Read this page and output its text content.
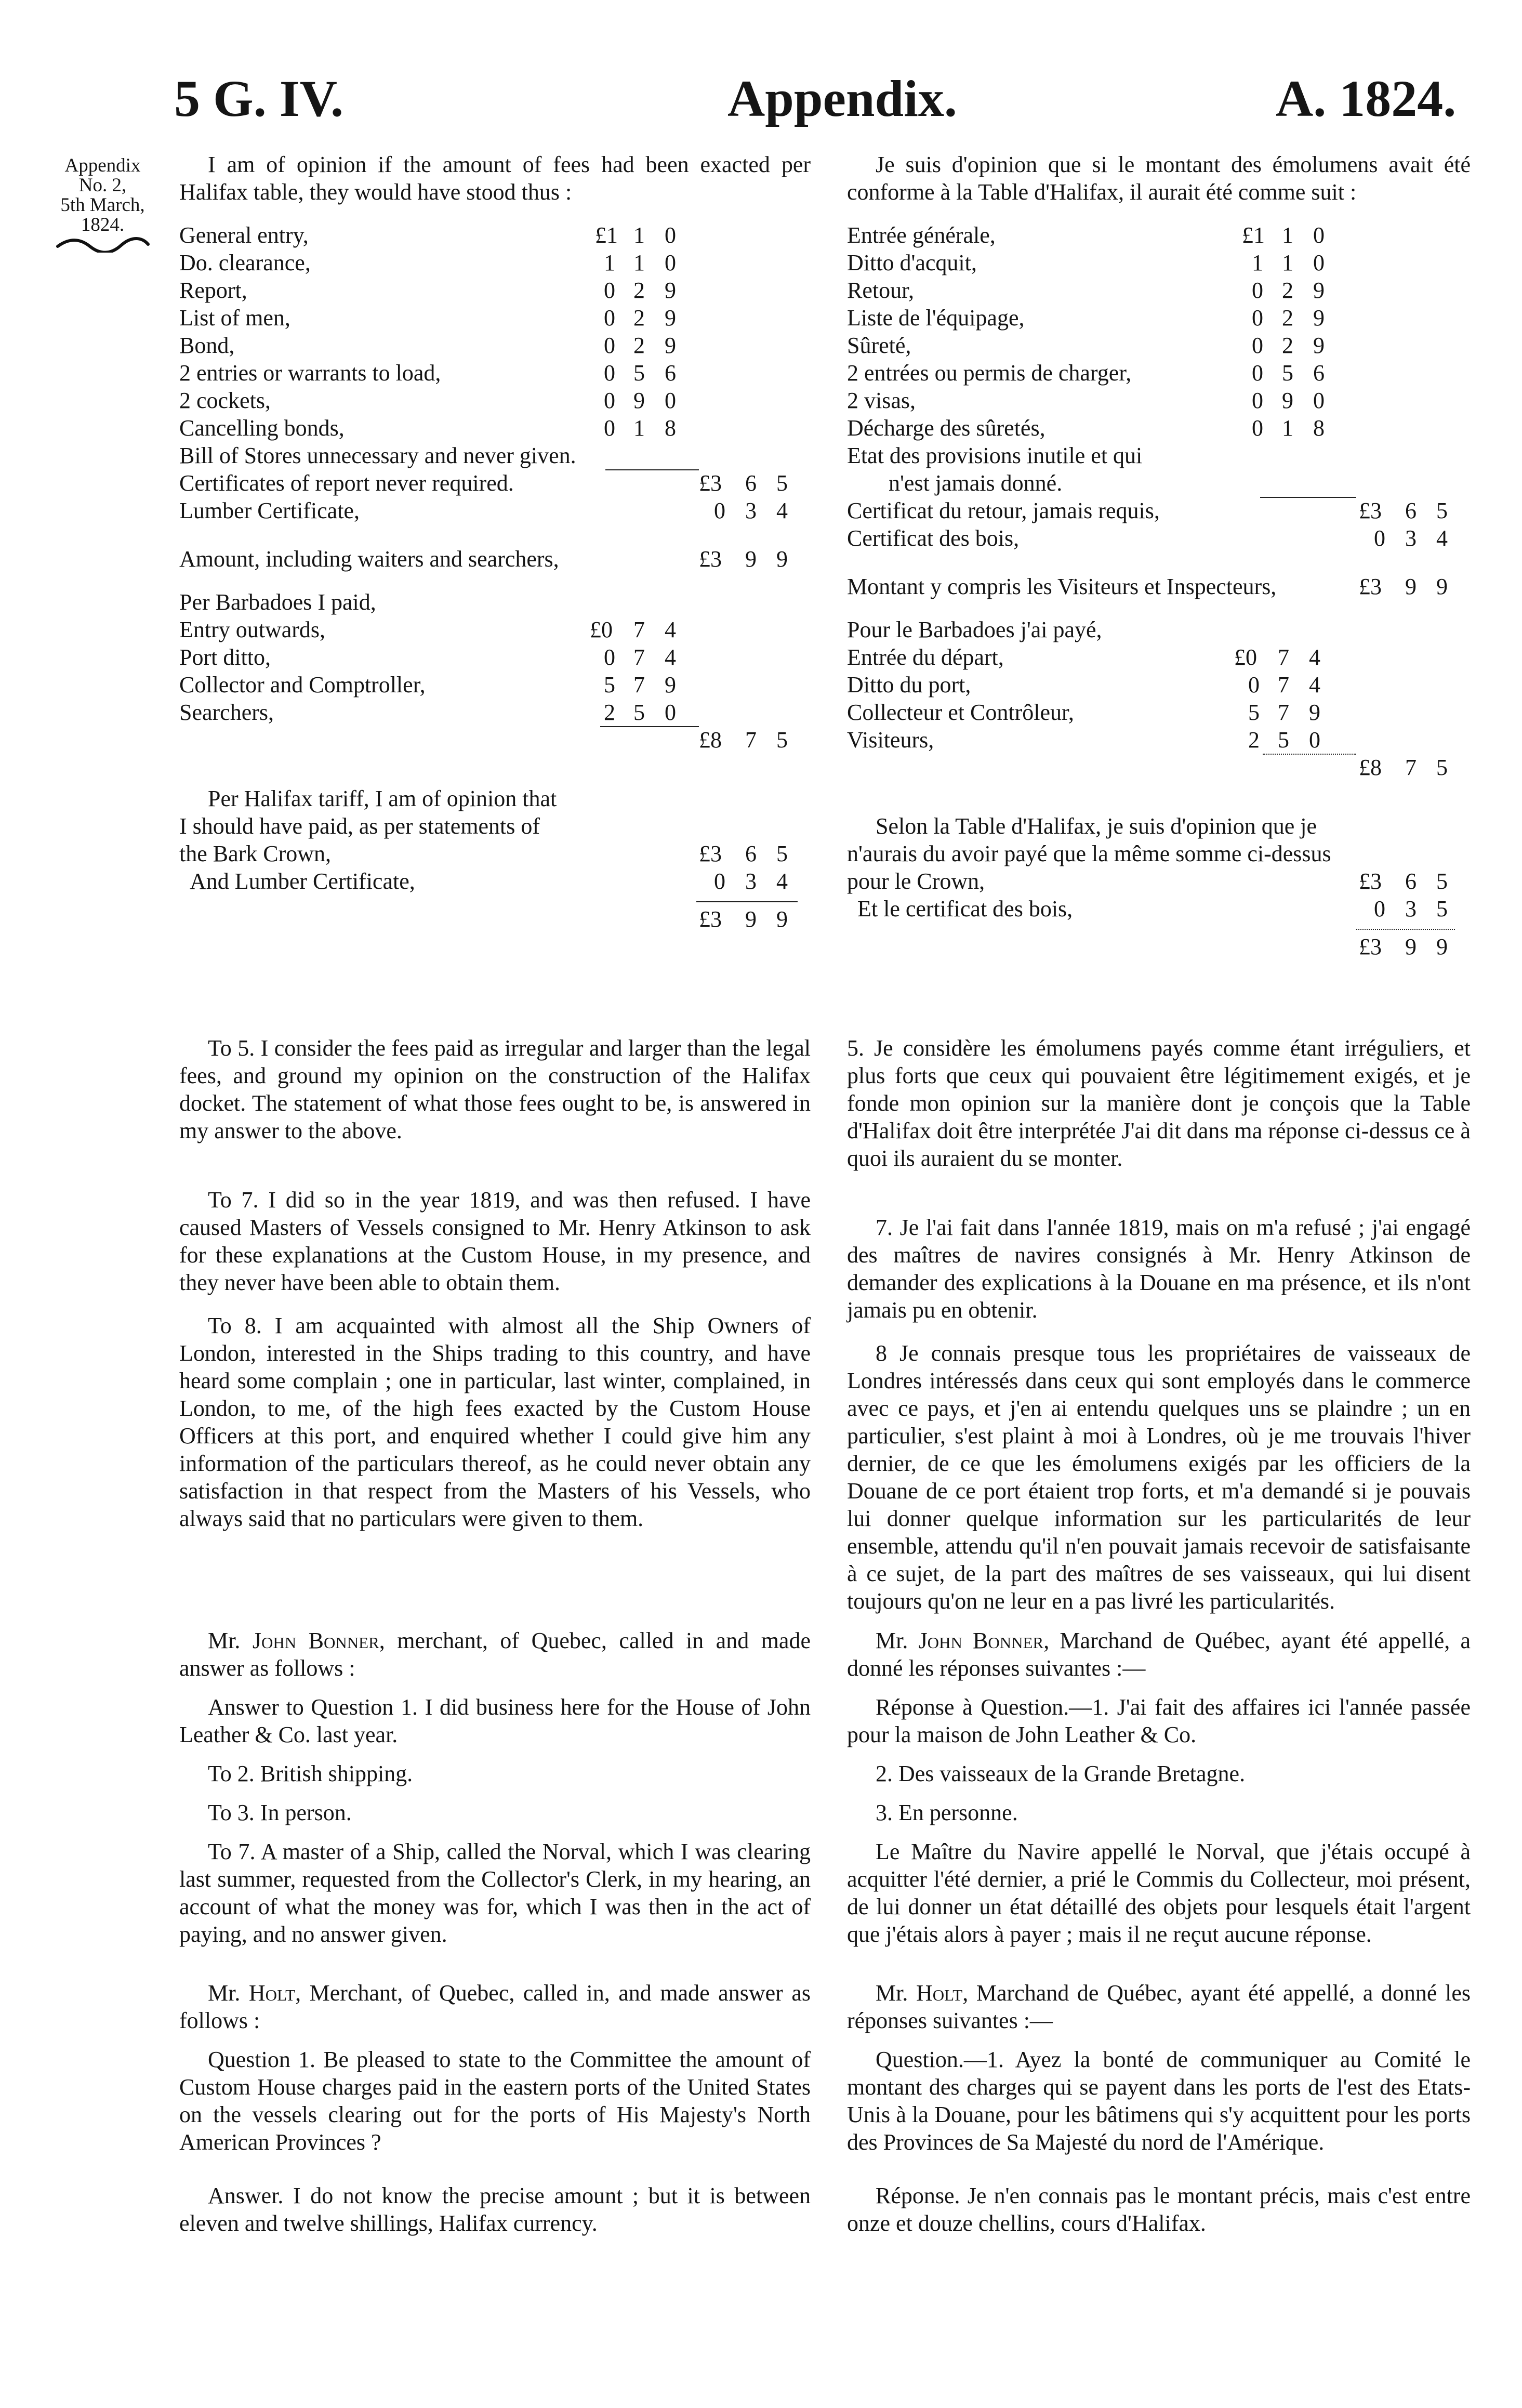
5 G. IV.	Appendix.	A. 1824.
Appendix
No. 2,
5th March,
1824.
I am of opinion if the amount of fees had been exacted per Halifax table, they would have stood thus :
General entry,	£1 1 0
Do. clearance,	1 1 0
Report,	0 2 9
List of men,	0 2 9
Bond,	0 2 9
2 entries or warrants to load,	0 5 6
2 cockets,	0 9 0
Cancelling bonds,	0 1 8
Bill of Stores unnecessary and never given.
Certificates of report never required.	£3 6 5
Lumber Certificate,	0 3 4
Amount, including waiters and searchers,	£3 9 9
Per Barbadoes I paid,
Entry outwards,	£0 7 4
Port ditto,	0 7 4
Collector and Comptroller,	5 7 9
Searchers,	2 5 0
£8 7 5
Per Halifax tariff, I am of opinion that
I should have paid, as per statements of
the Bark Crown,	£3 6 5
And Lumber Certificate,	0 3 4
£3 9 9
To 5. I consider the fees paid as irregular and larger than the legal fees, and ground my opinion on the construction of the Halifax docket. The statement of what those fees ought to be, is answered in my answer to the above.
To 7. I did so in the year 1819, and was then refused. I have caused Masters of Vessels consigned to Mr. Henry Atkinson to ask for these explanations at the Custom House, in my presence, and they never have been able to obtain them.
To 8. I am acquainted with almost all the Ship Owners of London, interested in the Ships trading to this country, and have heard some complain ; one in particular, last winter, complained, in London, to me, of the high fees exacted by the Custom House Officers at this port, and enquired whether I could give him any information of the particulars thereof, as he could never obtain any satisfaction in that respect from the Masters of his Vessels, who always said that no particulars were given to them.
Mr. John Bonner, merchant, of Quebec, called in and made answer as follows :
Answer to Question 1. I did business here for the House of John Leather & Co. last year.
To 2. British shipping.
To 3. In person.
To 7. A master of a Ship, called the Norval, which I was clearing last summer, requested from the Collector's Clerk, in my hearing, an account of what the money was for, which I was then in the act of paying, and no answer given.
Mr. Holt, Merchant, of Quebec, called in, and made answer as follows :
Question 1. Be pleased to state to the Committee the amount of Custom House charges paid in the eastern ports of the United States on the vessels clearing out for the ports of His Majesty's North American Provinces ?
Answer. I do not know the precise amount ; but it is between eleven and twelve shillings, Halifax currency.
Je suis d'opinion que si le montant des émolumens avait été conforme à la Table d'Halifax, il aurait été comme suit :
Entrée générale,	£1 1 0
Ditto d'acquit,	1 1 0
Retour,	0 2 9
Liste de l'équipage,	0 2 9
Sûreté,	0 2 9
2 entrées ou permis de charger,	0 5 6
2 visas,	0 9 0
Décharge des sûretés,	0 1 8
Etat des provisions inutile et qui
n'est jamais donné.
Certificat du retour, jamais requis,	£3 6 5
Certificat des bois,	0 3 4
Montant y compris les Visiteurs et Inspecteurs,	£3 9 9
Pour le Barbadoes j'ai payé,
Entrée du départ,	£0 7 4
Ditto du port,	0 7 4
Collecteur et Contrôleur,	5 7 9
Visiteurs,	2 5 0
£8 7 5
Selon la Table d'Halifax, je suis d'opinion que je
n'aurais du avoir payé que la même somme ci-dessus
pour le Crown,	£3 6 5
Et le certificat des bois,	0 3 5
£3 9 9
5. Je considère les émolumens payés comme étant irréguliers, et plus forts que ceux qui pouvaient être légitimement exigés, et je fonde mon opinion sur la manière dont je conçois que la Table d'Halifax doit être interprétée J'ai dit dans ma réponse ci-dessus ce à quoi ils auraient du se monter.
7. Je l'ai fait dans l'année 1819, mais on m'a refusé ; j'ai engagé des maîtres de navires consignés à Mr. Henry Atkinson de demander des explications à la Douane en ma présence, et ils n'ont jamais pu en obtenir.
8 Je connais presque tous les propriétaires de vaisseaux de Londres intéressés dans ceux qui sont employés dans le commerce avec ce pays, et j'en ai entendu quelques uns se plaindre ; un en particulier, s'est plaint à moi à Londres, où je me trouvais l'hiver dernier, de ce que les émolumens exigés par les officiers de la Douane de ce port étaient trop forts, et m'a demandé si je pouvais lui donner quelque information sur les particularités de leur ensemble, attendu qu'il n'en pouvait jamais recevoir de satisfaisante à ce sujet, de la part des maîtres de ses vaisseaux, qui lui disent toujours qu'on ne leur en a pas livré les particularités.
Mr. John Bonner, Marchand de Québec, ayant été appellé, a donné les réponses suivantes :—
Réponse à Question.—1. J'ai fait des affaires ici l'année passée pour la maison de John Leather & Co.
2. Des vaisseaux de la Grande Bretagne.
3. En personne.
Le Maître du Navire appellé le Norval, que j'étais occupé à acquitter l'été dernier, a prié le Commis du Collecteur, moi présent, de lui donner un état détaillé des objets pour lesquels était l'argent que j'étais alors à payer ; mais il ne reçut aucune réponse.
Mr. Holt, Marchand de Québec, ayant été appellé, a donné les réponses suivantes :—
Question.—1. Ayez la bonté de communiquer au Comité le montant des charges qui se payent dans les ports de l'est des Etats-Unis à la Douane, pour les bâtimens qui s'y acquittent pour les ports des Provinces de Sa Majesté du nord de l'Amérique.
Réponse. Je n'en connais pas le montant précis, mais c'est entre onze et douze chellins, cours d'Halifax.
